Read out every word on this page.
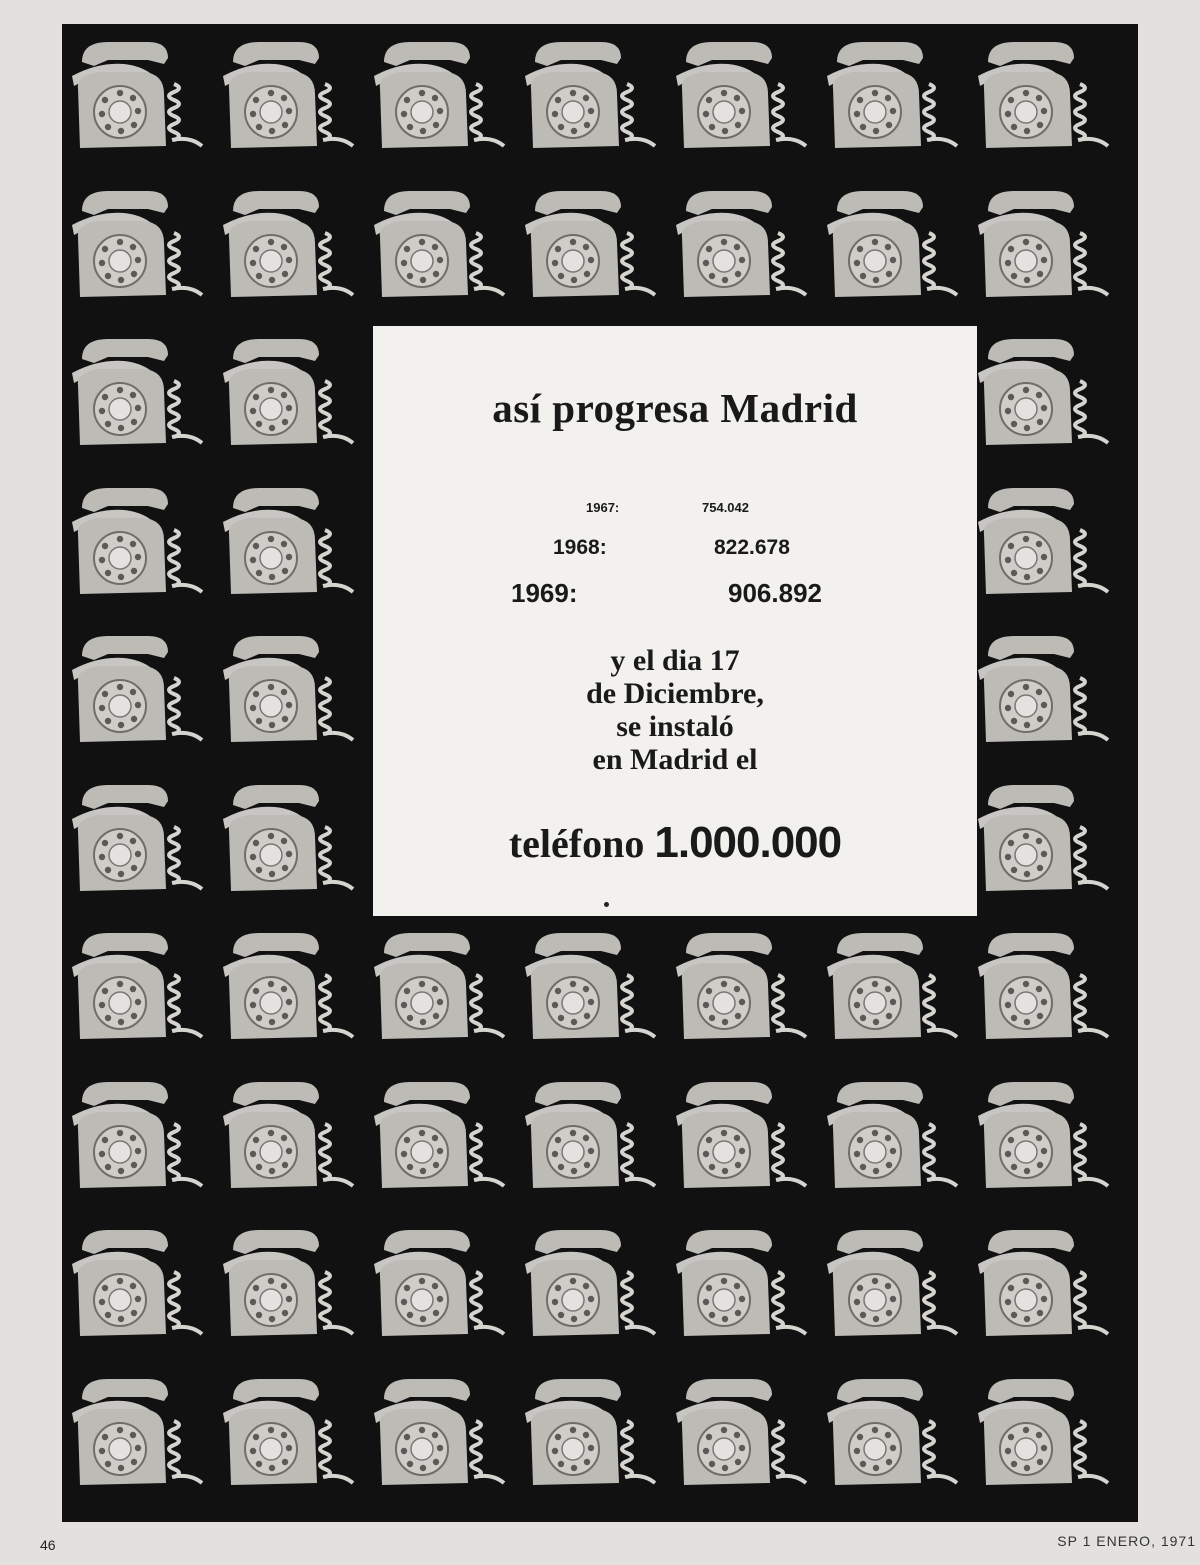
así progresa Madrid
1967:	754.042
1968:	822.678
1969:	906.892
y el dia 17
de Diciembre,
se instaló
en Madrid el
teléfono 1.000.000
46	SP 1 ENERO, 1971
